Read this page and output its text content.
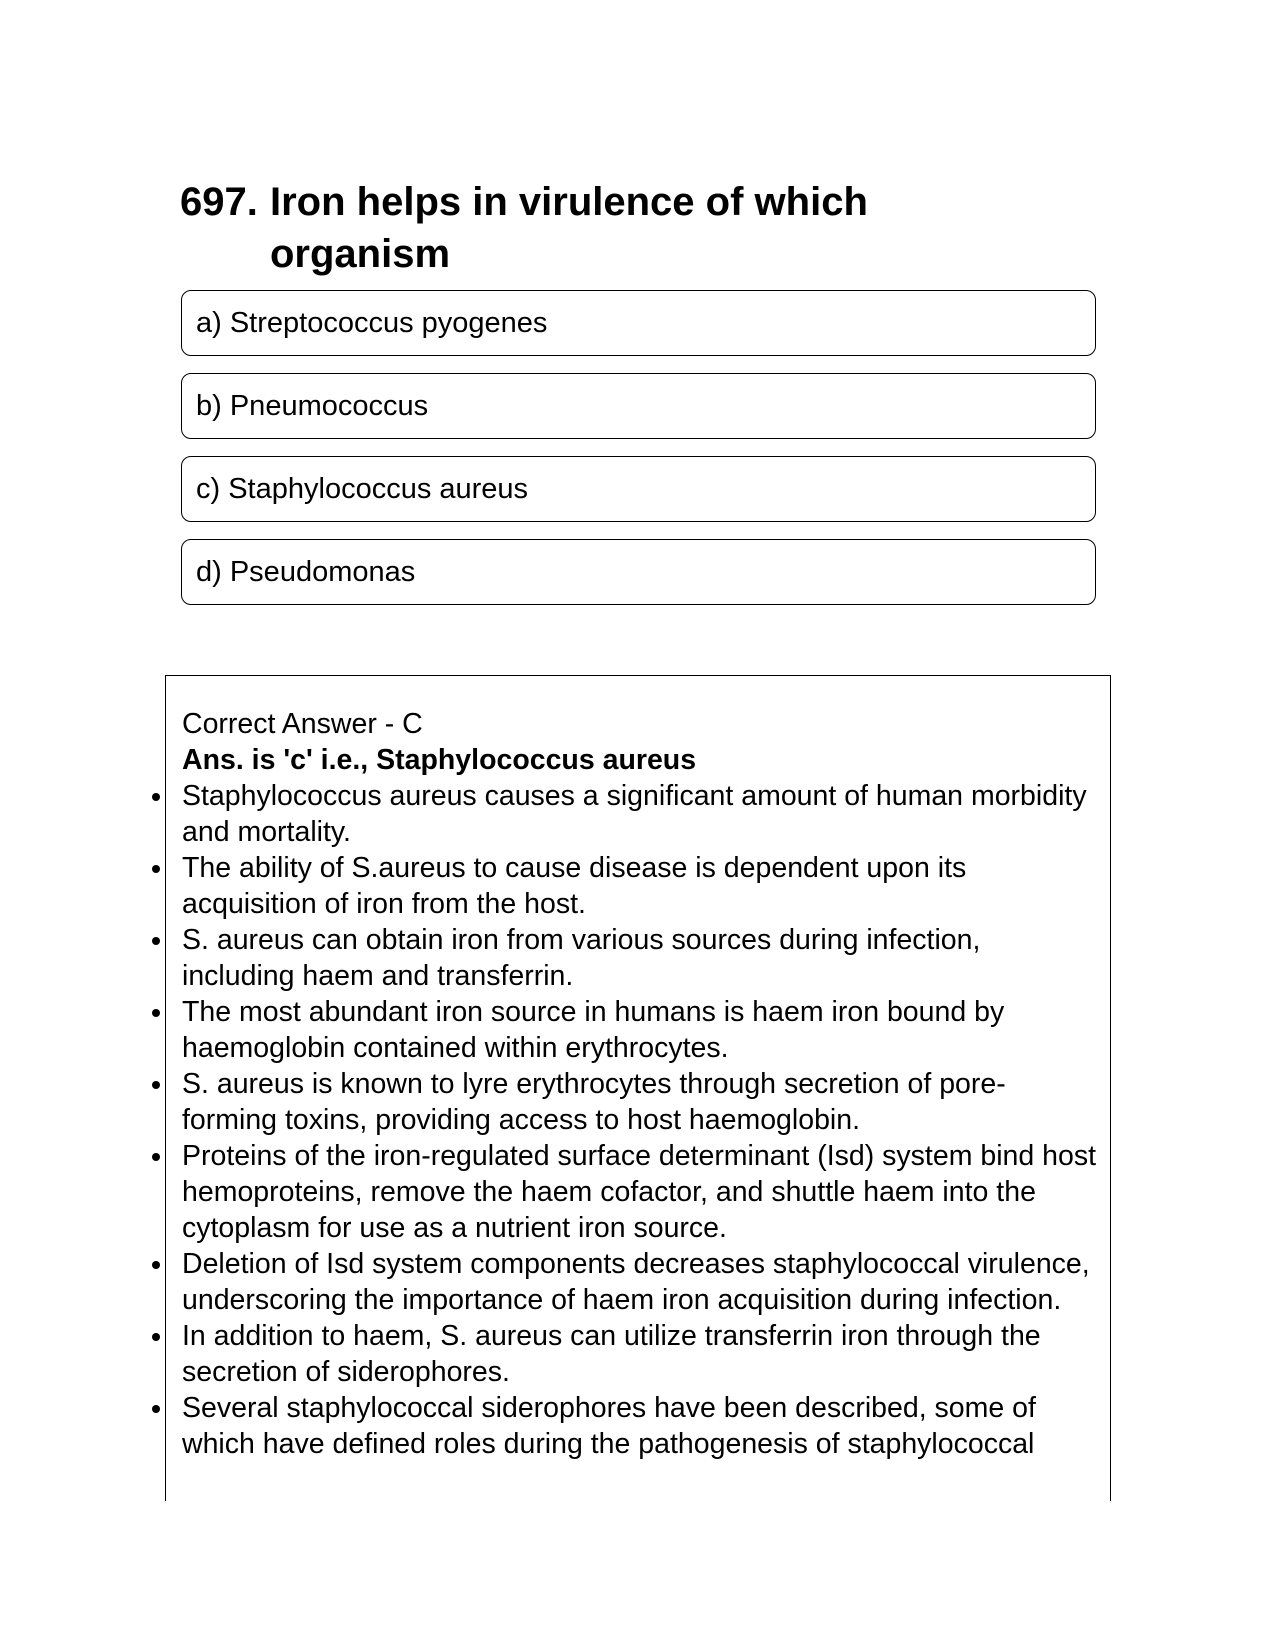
697. Iron helps in virulence of which organism
a) Streptococcus pyogenes
b) Pneumococcus
c) Staphylococcus aureus
d) Pseudomonas

Correct Answer - C

Ans. is 'c' i.e., Staphylococcus aureus

Staphylococcus aureus causes a significant amount of human morbidity and mortality.
The ability of S.aureus to cause disease is dependent upon its acquisition of iron from the host.
S. aureus can obtain iron from various sources during infection, including haem and transferrin.
The most abundant iron source in humans is haem iron bound by haemoglobin contained within erythrocytes.
S. aureus is known to lyre erythrocytes through secretion of pore-forming toxins, providing access to host haemoglobin.
Proteins of the iron-regulated surface determinant (Isd) system bind host hemoproteins, remove the haem cofactor, and shuttle haem into the cytoplasm for use as a nutrient iron source.
Deletion of Isd system components decreases staphylococcal virulence, underscoring the importance of haem iron acquisition during infection.
In addition to haem, S. aureus can utilize transferrin iron through the secretion of siderophores.
Several staphylococcal siderophores have been described, some of which have defined roles during the pathogenesis of staphylococcal
